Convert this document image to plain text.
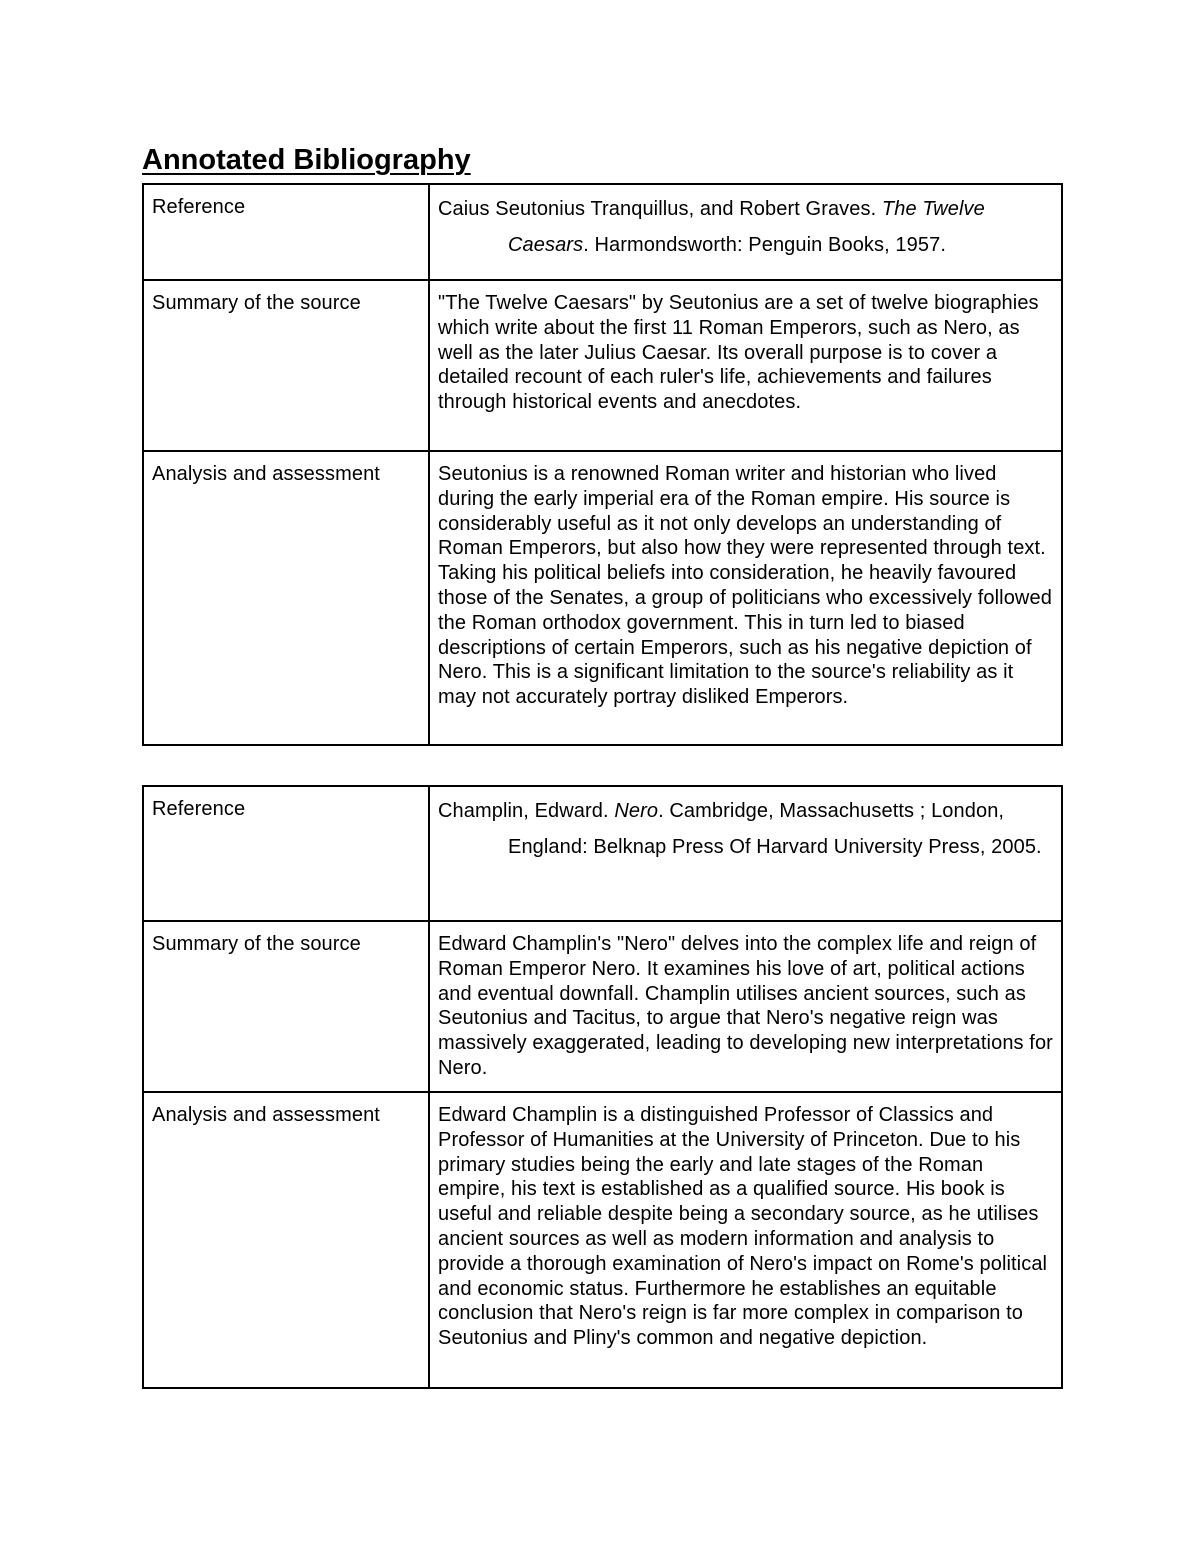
Annotated Bibliography
Reference	Caius Seutonius Tranquillus, and Robert Graves. The Twelve Caesars. Harmondsworth: Penguin Books, 1957.

Summary of the source	"The Twelve Caesars" by Seutonius are a set of twelve biographies which write about the first 11 Roman Emperors, such as Nero, as well as the later Julius Caesar. Its overall purpose is to cover a detailed recount of each ruler's life, achievements and failures through historical events and anecdotes.
Analysis and assessment	Seutonius is a renowned Roman writer and historian who lived during the early imperial era of the Roman empire. His source is considerably useful as it not only develops an understanding of Roman Emperors, but also how they were represented through text. Taking his political beliefs into consideration, he heavily favoured those of the Senates, a group of politicians who excessively followed the Roman orthodox government. This in turn led to biased descriptions of certain Emperors, such as his negative depiction of Nero. This is a significant limitation to the source's reliability as it may not accurately portray disliked Emperors.
Reference	Champlin, Edward. Nero. Cambridge, Massachusetts ; London, England: Belknap Press Of Harvard University Press, 2005.

Summary of the source	Edward Champlin's "Nero" delves into the complex life and reign of Roman Emperor Nero. It examines his love of art, political actions and eventual downfall. Champlin utilises ancient sources, such as Seutonius and Tacitus, to argue that Nero's negative reign was massively exaggerated, leading to developing new interpretations for Nero.
Analysis and assessment	Edward Champlin is a distinguished Professor of Classics and Professor of Humanities at the University of Princeton. Due to his primary studies being the early and late stages of the Roman empire, his text is established as a qualified source. His book is useful and reliable despite being a secondary source, as he utilises ancient sources as well as modern information and analysis to provide a thorough examination of Nero's impact on Rome's political and economic status. Furthermore he establishes an equitable conclusion that Nero's reign is far more complex in comparison to Seutonius and Pliny's common and negative depiction.
